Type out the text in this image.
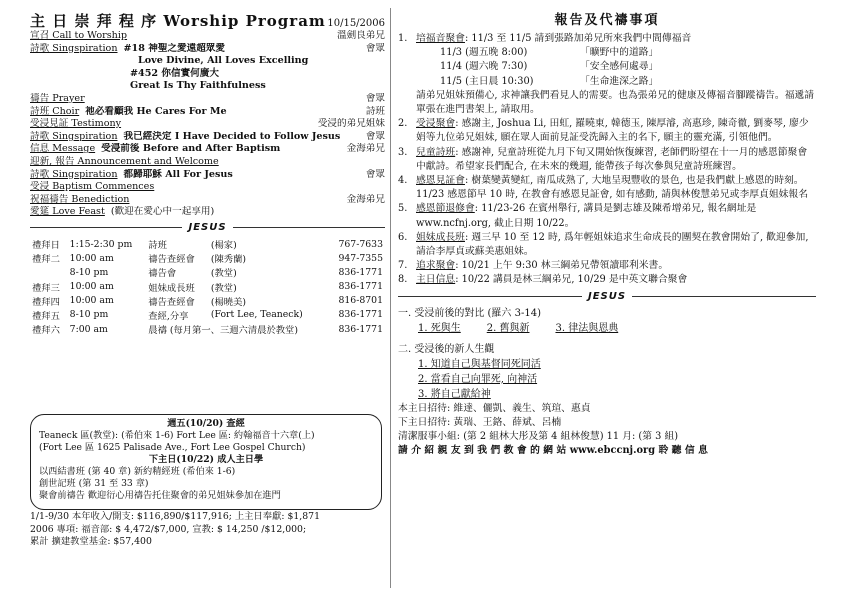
主 日 崇 拜 程 序 Worship Program 10/15/2006
宣召 Call to Worship	溫劍良弟兄
詩歌 Singspiration #18 神聖之愛遠超眾愛	會眾
Love Divine, All Loves Excelling
#452 你信實何廣大
Great Is Thy Faithfulness
禱告 Prayer	會眾
詩班 Choir 祂必看顧我 He Cares For Me	詩班
受浸見証 Testimony	受浸的弟兄姐妹
詩歌 Singspiration 我已經決定 I Have Decided to Follow Jesus	會眾
信息 Message 受浸前後 Before and After Baptism	金海弟兄
迎新, 報告 Announcement and Welcome
詩歌 Singspiration 都歸耶穌 All For Jesus	會眾
受浸 Baptism Commences
祝福禱告 Benediction	金海弟兄
愛筵 Love Feast (歡迎在愛心中一起享用)
JESUS
禮拜日	1:15-2:30 pm	詩班	(楊家)	767-7633
禮拜二	10:00 am	禱告查經會	(陳秀蘭)	947-7355
	8-10 pm	禱告會	(教堂)	836-1771
禮拜三	10:00 am	姐妹成長班	(教堂)	836-1771
禮拜四	10:00 am	禱告查經會	(楊曉美)	816-8701
禮拜五	8-10 pm	查經,分享	(Fort Lee, Teaneck)	836-1771
禮拜六	7:00 am	晨禱 (每月第一、三週六清晨於教堂)		836-1771
週五(10/20) 查經
Teaneck 區(教堂): (希伯來 1-6) Fort Lee 區: 約翰福音十六章(上)
(Fort Lee 區 1625 Palisade Ave., Fort Lee Gospel Church)
下主日(10/22) 成人主日學
以西結書班 (第 40 章) 新約精經班 (希伯來 1-6)
創世記班 (第 31 至 33 章)
聚會前禱告 歡迎衍心用禱告托住聚會的弟兄姐妹參加在進門
1/1-9/30 本年收入/開支: $116,890/$117,916; 上主日奉獻: $1,871
2006 專項: 福音部: $ 4,472/$7,000, 宣教: $ 14,250 /$12,000;
累計 擴建教堂基金: $57,400
報告及代禱事項
1. 培福音聚會: 11/3 至 11/5 請到張路加弟兄所來我們中間傳福音
11/3 (週五晚 8:00)	「曠野中的道路」
11/4 (週六晚 7:30)	「安全感何處尋」
11/5 (主日晨 10:30)	「生命進深之路」
請弟兄姐妹預備心, 求神讓我們看見人的需要。也為張弟兄的健康及傳福音腳蹤禱告。福遞請單張在進門書架上, 請取用。
2. 受浸聚會: 感謝主, Joshua Li, 田虹, 羅曉東, 韓德玉, 陳厚濬, 高惠珍, 陳奇徹, 劉麥琴, 廖少娟等九位弟兄姐妹, 願在眾人面前見証受洗歸入主的名下, 願主的靈充滿, 引領他們。
3. 兒童詩班: 感謝神, 兒童詩班從九月下旬又開始恢復練習, 老師們盼望在十一月的感恩節聚會中獻詩。希望家長們配合, 在未來的幾週, 能帶孩子每次參與兒童詩班練習。
4. 感恩見証會: 樹葉變黃變紅, 南瓜成熟了, 大地呈現豐收的景色, 也是我們獻上感恩的時刻。11/23 感恩節早 10 時, 在教會有感恩見証會, 如有感動, 請與林俊慧弟兄或李厚貞姐妹報名
5. 感恩節退修會: 11/23-26 在賓州舉行, 講員是劉志雄及陳希增弟兄, 報名網址是 www.ncfnj.org, 截止日期 10/22。
6. 姐妹成長班: 週三早 10 至 12 時, 爲年輕姐妹追求生命成長的團契在教會開始了, 歡迎參加, 請洽李厚貞或蘇美惠姐妹。
7. 追求聚會: 10/21 上午 9:30 林三綱弟兄帶領讀耶利米書。
8. 主日信息: 10/22 講員是林三綱弟兄, 10/29 是中英文聯合聚會
JESUS
一. 受浸前後的對比 (羅六 3-14)
1. 死與生	2. 舊與新	3. 律法與恩典
二. 受浸後的新人生觀
1. 知道自己與基督同死同活
2. 當看自己向罪死, 向神活
3. 將自己獻給神
本主日招待: 維達、儷凱、義生、筑瑄、惠貞
下主日招待: 黃瑞、王鉻、薛斌、呂楠
清潔服事小組: (第 2 組林大彤及第 4 組林俊慧) 11 月: (第 3 組)
請 介 紹 親 友 到 我 們 教 會 的 網 站 www.ebccnj.org 聆 聽 信 息
